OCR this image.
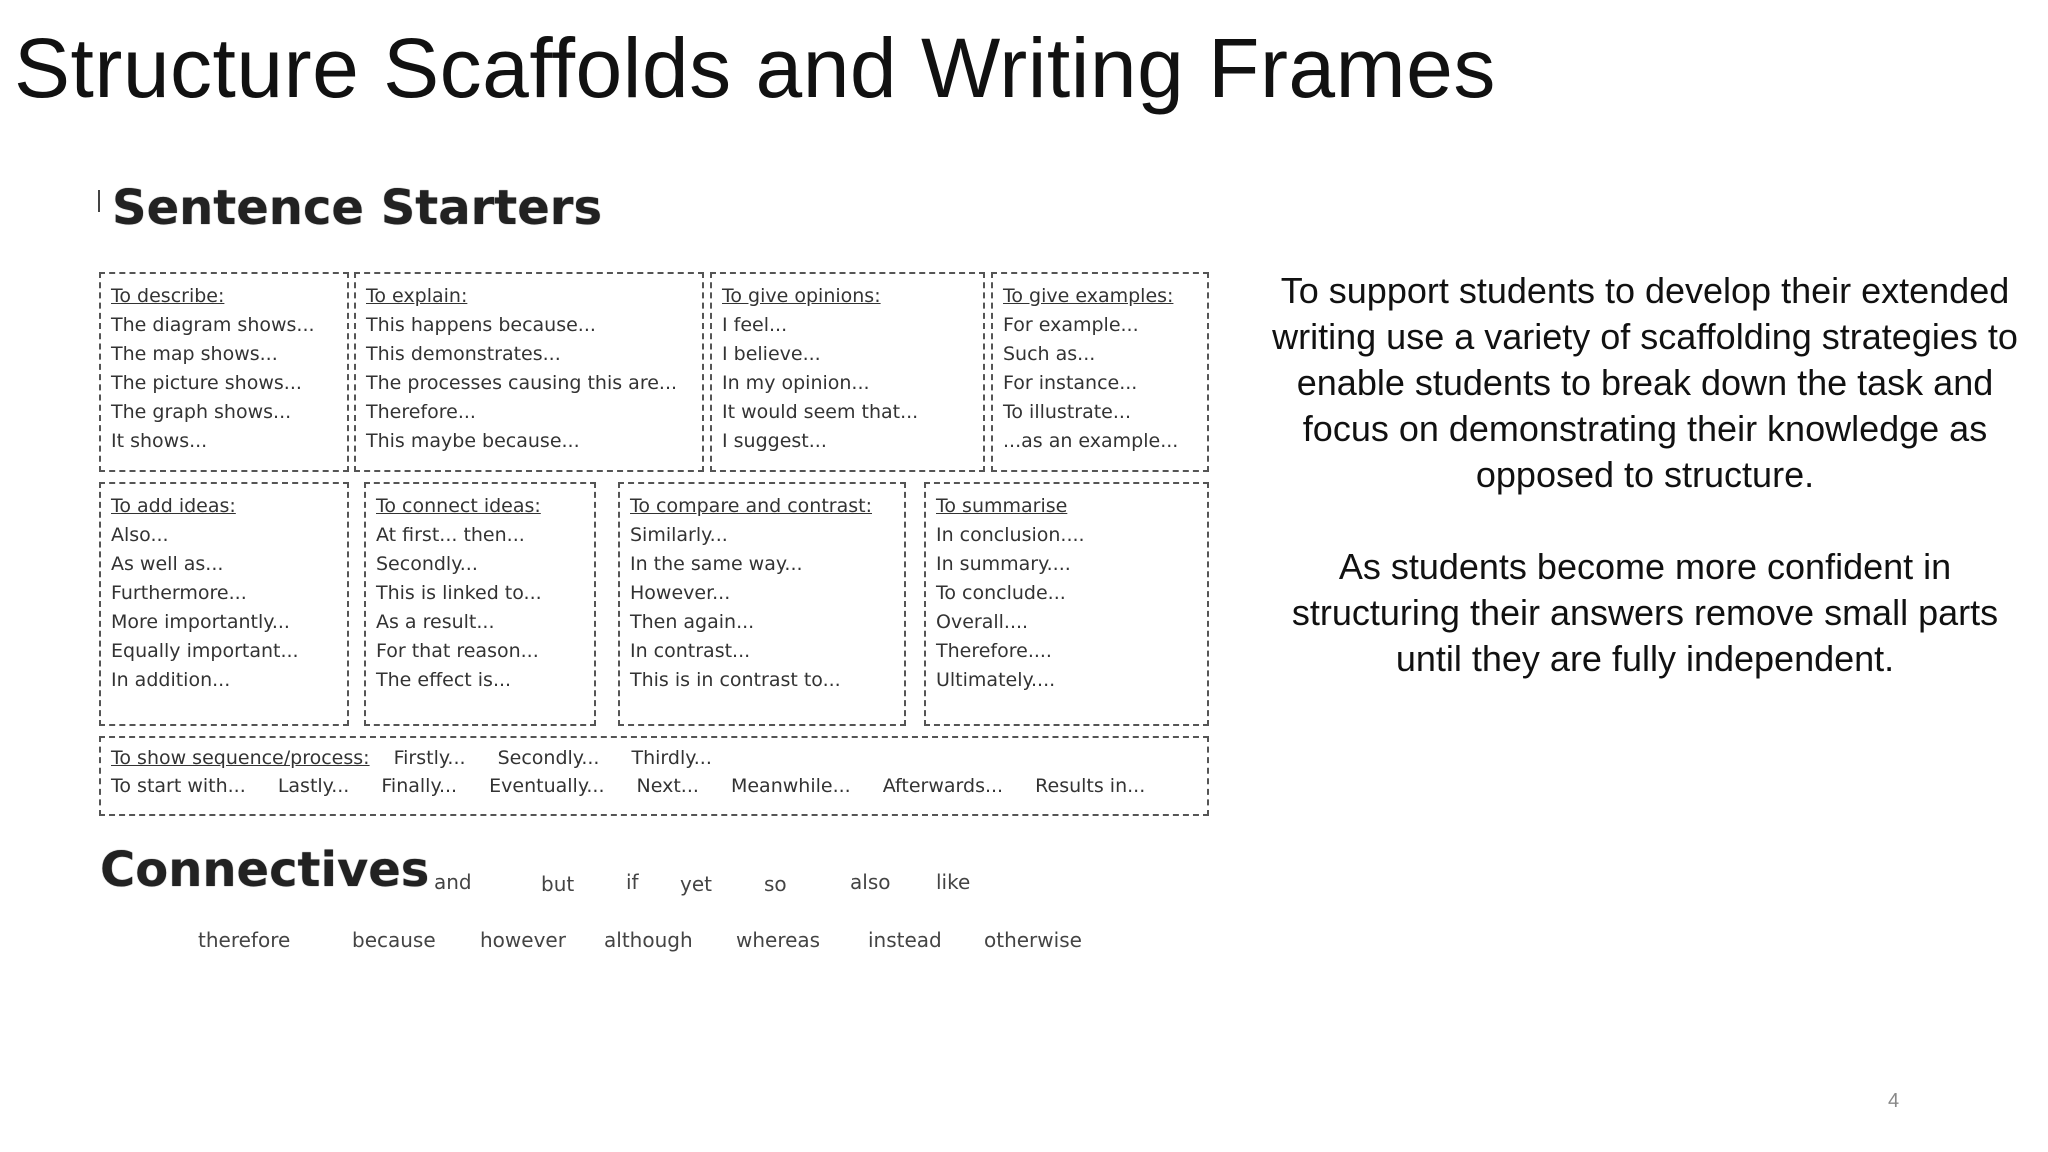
Structure Scaffolds and Writing Frames
Sentence Starters
To describe:
The diagram shows...
The map shows...
The picture shows...
The graph shows...
It shows...
To explain:
This happens because...
This demonstrates...
The processes causing this are...
Therefore...
This maybe because...
To give opinions:
I feel...
I believe...
In my opinion...
It would seem that...
I suggest...
To give examples:
For example...
Such as...
For instance...
To illustrate...
...as an example...
To add ideas:
Also...
As well as...
Furthermore...
More importantly...
Equally important...
In addition...
To connect ideas:
At first... then...
Secondly...
This is linked to...
As a result...
For that reason...
The effect is...
To compare and contrast:
Similarly...
In the same way...
However...
Then again...
In contrast...
This is in contrast to...
To summarise
In conclusion....
In summary....
To conclude...
Overall....
Therefore....
Ultimately....
To show sequence/process: Firstly... Secondly... Thirdly...
To start with... Lastly... Finally... Eventually... Next... Meanwhile... Afterwards... Results in...
Connectives and	but	if yet	so	also like
therefore	because however although whereas instead otherwise

To support students to develop their extended writing use a variety of scaffolding strategies to enable students to break down the task and focus on demonstrating their knowledge as opposed to structure.

As students become more confident in structuring their answers remove small parts until they are fully independent.

4
